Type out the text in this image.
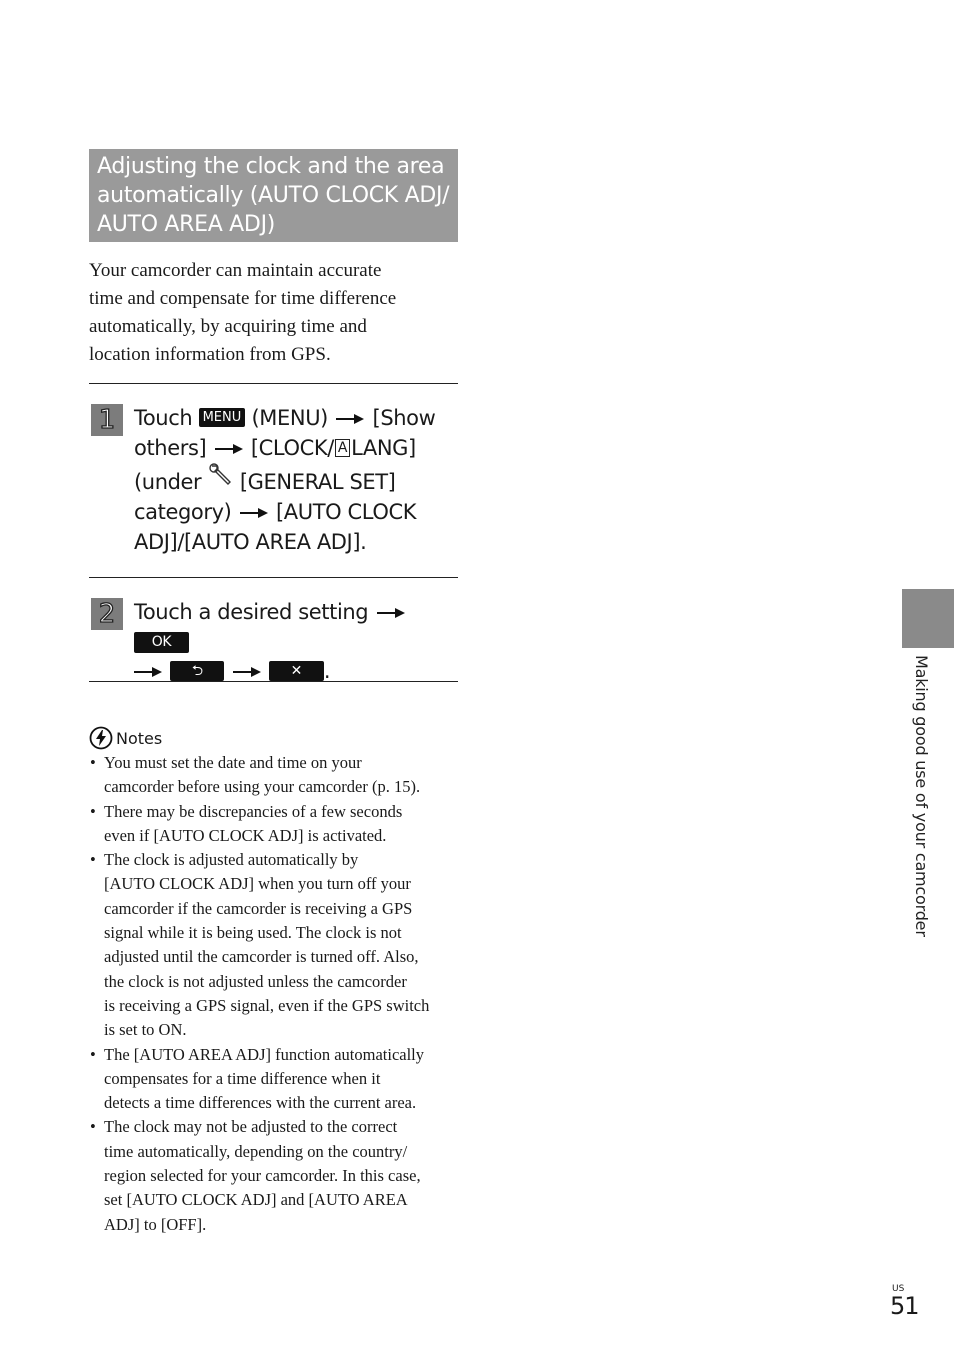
Adjusting the clock and the area
automatically (AUTO CLOCK ADJ/
AUTO AREA ADJ)
Your camcorder can maintain accurate
time and compensate for time difference
automatically, by acquiring time and
location information from GPS.
1 Touch MENU (MENU) [Show
others] [CLOCK/ A LANG]
(under [GENERAL SET]
category) [AUTO CLOCK
ADJ]/[AUTO AREA ADJ].
2 Touch a desired setting  OK
⮌	✕ .
Notes
• You must set the date and time on your
camcorder before using your camcorder (p. 15).
• There may be discrepancies of a few seconds
even if [AUTO CLOCK ADJ] is activated.
• The clock is adjusted automatically by
[AUTO CLOCK ADJ] when you turn off your
camcorder if the camcorder is receiving a GPS
signal while it is being used. The clock is not
adjusted until the camcorder is turned off. Also,
the clock is not adjusted unless the camcorder
is receiving a GPS signal, even if the GPS switch
is set to ON.
• The [AUTO AREA ADJ] function automatically
compensates for a time difference when it
detects a time differences with the current area.
• The clock may not be adjusted to the correct
time automatically, depending on the country/
region selected for your camcorder. In this case,
set [AUTO CLOCK ADJ] and [AUTO AREA
ADJ] to [OFF].
Making good use of your camcorder
US
51
